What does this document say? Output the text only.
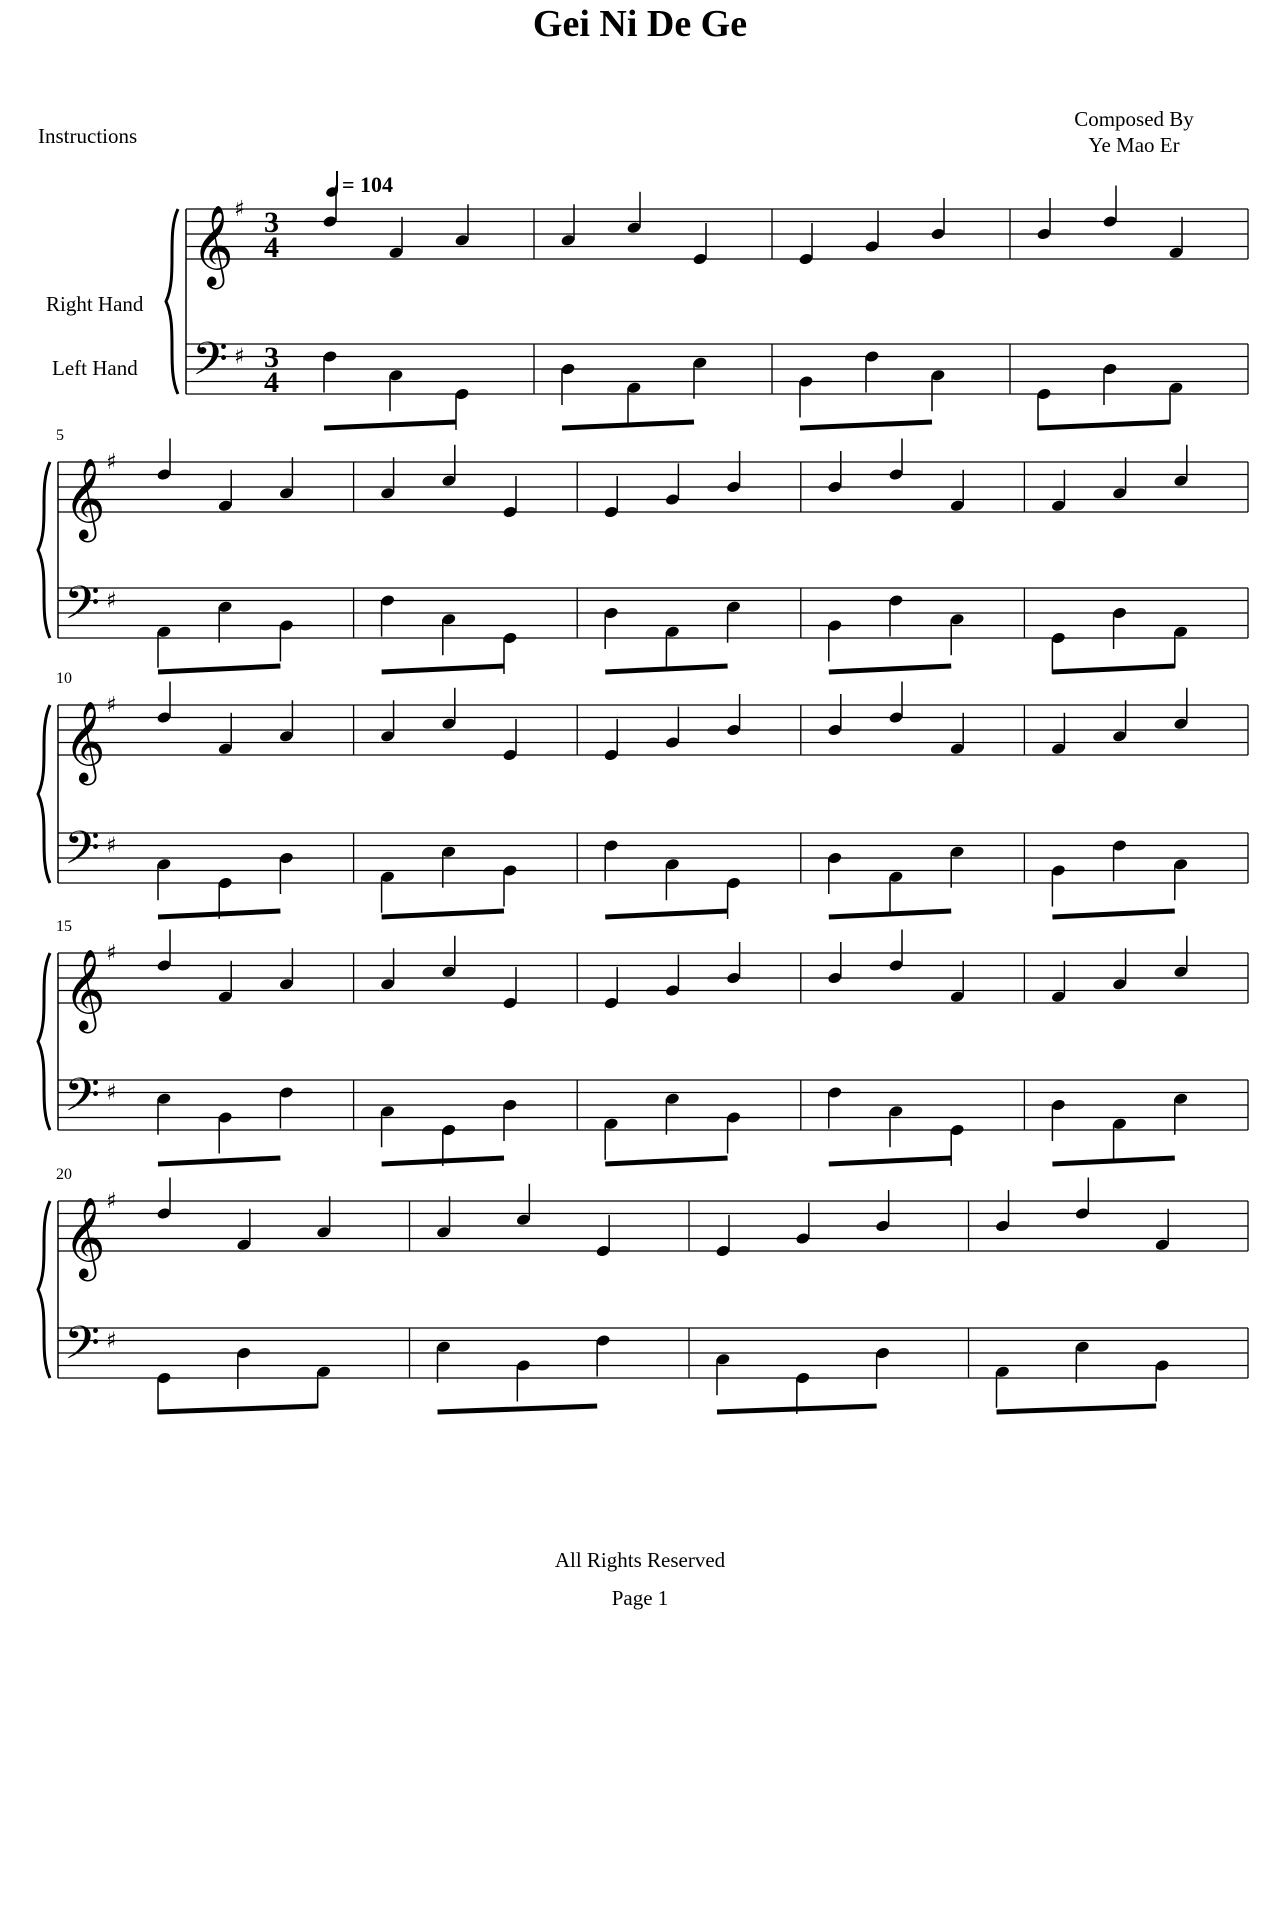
Gei Ni De Ge
Instructions
Composed By
Ye Mao Er
= 104
Right Hand
Left Hand
𝄞
𝄢
♯
♯
3
4
3
4
𝄞
𝄢
♯
♯
5
𝄞
𝄢
♯
♯
10
𝄞
𝄢
♯
♯
15
𝄞
𝄢
♯
♯
20
All Rights Reserved
Page 1
